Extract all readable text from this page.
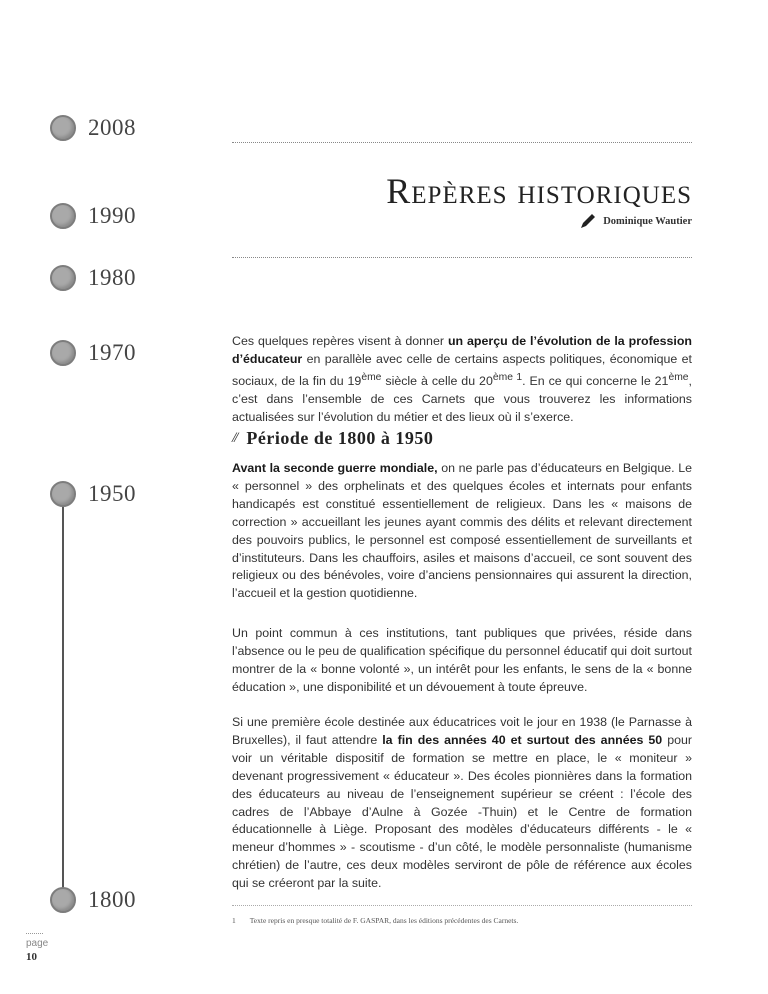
2008
1990
1980
1970
1950
1800
Repères historiques
Dominique Wautier

Ces quelques repères visent à donner un aperçu de l’évolution de la profession d’éducateur en parallèle avec celle de certains aspects politiques, économique et sociaux, de la fin du 19ème siècle à celle du $20^{ème 1}$. En ce qui concerne le 21ème, c’est dans l’ensemble de ces Carnets que vous trouverez les informations actualisées sur l’évolution du métier et des lieux où il s’exerce.

// Période de 1800 à 1950

Avant la seconde guerre mondiale, on ne parle pas d’éducateurs en Belgique. Le « personnel » des orphelinats et des quelques écoles et internats pour enfants handicapés est constitué essentiellement de religieux. Dans les « maisons de correction » accueillant les jeunes ayant commis des délits et relevant directement des pouvoirs publics, le personnel est composé essentiellement de surveillants et d’instituteurs. Dans les chauffoirs, asiles et maisons d’accueil, ce sont souvent des religieux ou des bénévoles, voire d’anciens pensionnaires qui assurent la direction, l’accueil et la gestion quotidienne.

Un point commun à ces institutions, tant publiques que privées, réside dans l’absence ou le peu de qualification spécifique du personnel éducatif qui doit surtout montrer de la « bonne volonté », un intérêt pour les enfants, le sens de la « bonne éducation », une disponibilité et un dévouement à toute épreuve.

Si une première école destinée aux éducatrices voit le jour en 1938 (le Parnasse à Bruxelles), il faut attendre la fin des années 40 et surtout des années 50 pour voir un véritable dispositif de formation se mettre en place, le « moniteur » devenant progressivement « éducateur ». Des écoles pionnières dans la formation des éducateurs au niveau de l’enseignement supérieur se créent : l’école des cadres de l’Abbaye d’Aulne à Gozée -Thuin) et le Centre de formation éducationnelle à Liège. Proposant des modèles d’éducateurs différents - le « meneur d’hommes » - scoutisme - d’un côté, le modèle personnaliste (humanisme chrétien) de l’autre, ces deux modèles serviront de pôle de référence aux écoles qui se créeront par la suite.

1 Texte repris en presque totalité de F. GASPAR, dans les éditions précédentes des Carnets.
page
10
